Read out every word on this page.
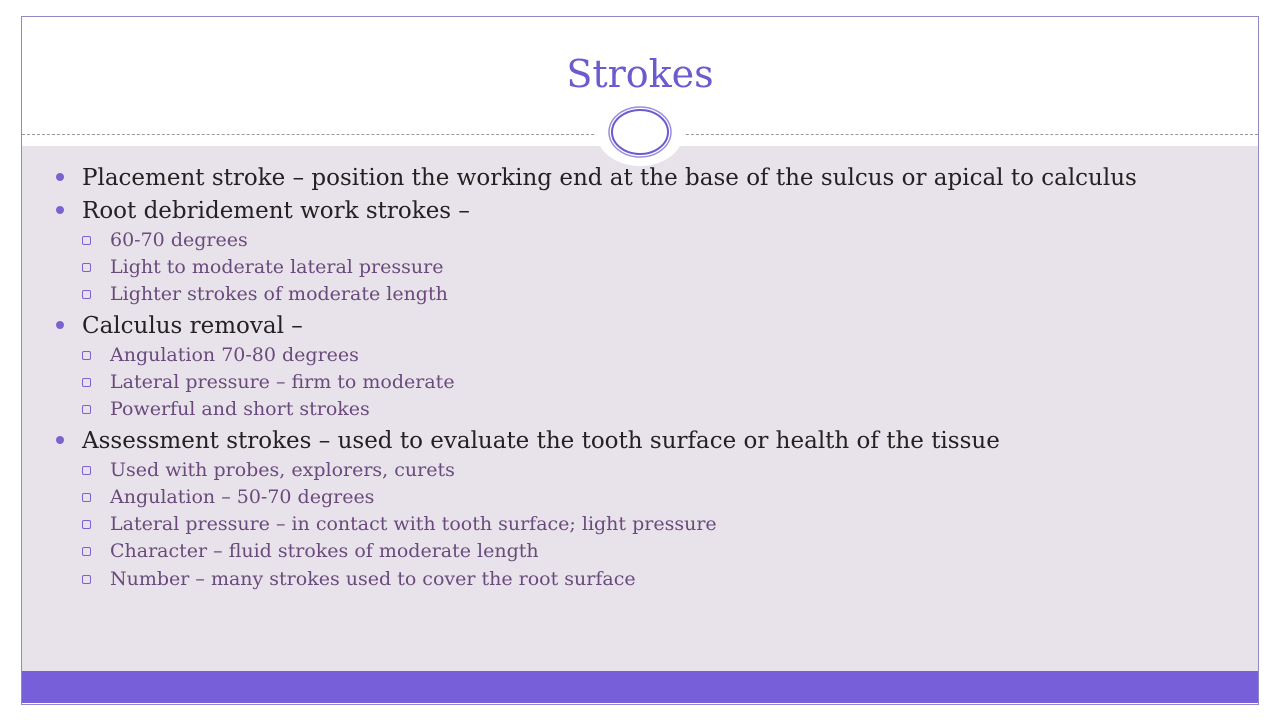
Strokes
Placement stroke – position the working end at the base of the sulcus or apical to calculus
Root debridement work strokes –
60-70 degrees
Light to moderate lateral pressure
Lighter strokes of moderate length
Calculus removal –
Angulation 70-80 degrees
Lateral pressure – firm to moderate
Powerful and short strokes
Assessment strokes – used to evaluate the tooth surface or health of the tissue
Used with probes, explorers, curets
Angulation – 50-70 degrees
Lateral pressure – in contact with tooth surface; light pressure
Character – fluid strokes of moderate length
Number – many strokes used to cover the root surface
